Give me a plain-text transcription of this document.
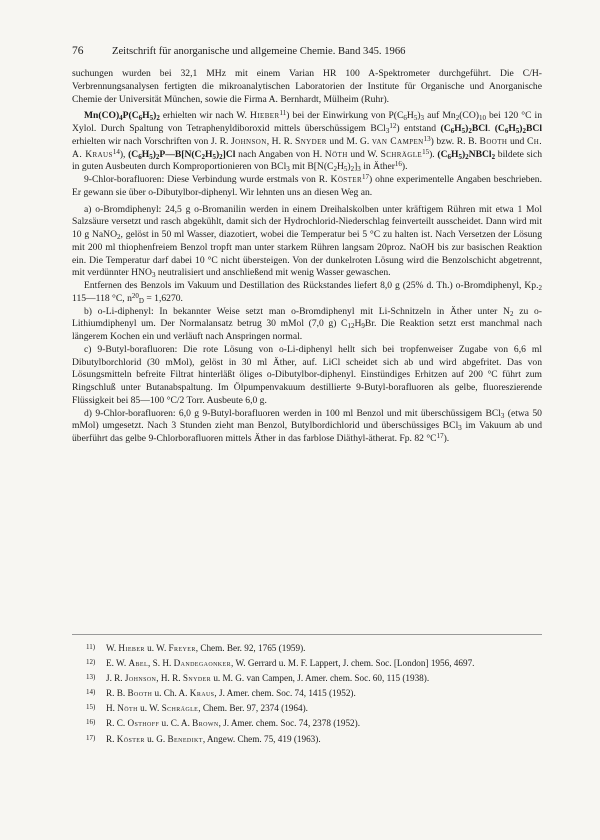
76	Zeitschrift für anorganische und allgemeine Chemie. Band 345. 1966

suchungen wurden bei 32,1 MHz mit einem Varian HR 100 A-Spektrometer durchgeführt. Die C/H-Verbrennungsanalysen fertigten die mikroanalytischen Laboratorien der Institute für Organische und Anorganische Chemie der Universität München, sowie die Firma A. Bernhardt, Mülheim (Ruhr).

$Mn(CO)_4P(C_6H_5)_2$ erhielten wir nach W. Hieber$^{11}$) bei der Einwirkung von $P(C_6H_5)_3$ auf $Mn_2(CO)_{10}$ bei 120 °C in Xylol. Durch Spaltung von Tetraphenyldiboroxid mittels überschüssigem BCl$_3^{12}$) entstand $(C_6H_5)_2BCl$. $(C_6H_5)_2BCl$ erhielten wir nach Vorschriften von J. R. Johnson, H. R. Snyder und M. G. van Campen$^{13}$) bzw. R. B. Booth und Ch. A. Kraus$^{14}$), $(C_6H_5)_2P—B[N(C_2H_5)_2]Cl$ nach Angaben von H. Nöth und W. Schrägle$^{15}$). $(C_6H_5)_2NBCl_2$ bildete sich in guten Ausbeuten durch Komproportionieren von BCl$_3$ mit $B[N(C_2H_5)_2]_3$ in Äther$^{16}$).

9-Chlor-borafluoren: Diese Verbindung wurde erstmals von R. Köster$^{17}$) ohne experimentelle Angaben beschrieben. Er gewann sie über o-Dibutylbor-diphenyl. Wir lehnten uns an diesen Weg an.

a) o-Bromdiphenyl: 24,5 g o-Bromanilin werden in einem Dreihalskolben unter kräftigem Rühren mit etwa 1 Mol Salzsäure versetzt und rasch abgekühlt, damit sich der Hydrochlorid-Niederschlag feinverteilt ausscheidet. Dann wird mit 10 g NaNO$_2$, gelöst in 50 ml Wasser, diazotiert, wobei die Temperatur bei 5 °C zu halten ist. Nach Versetzen der Lösung mit 200 ml thiophenfreiem Benzol tropft man unter starkem Rühren langsam 20proz. NaOH bis zur basischen Reaktion ein. Die Temperatur darf dabei 10 °C nicht übersteigen. Von der dunkelroten Lösung wird die Benzolschicht abgetrennt, mit verdünnter $HNO_3$ neutralisiert und anschließend mit wenig Wasser gewaschen.

Entfernen des Benzols im Vakuum und Destillation des Rückstandes liefert 8,0 g (25% d. Th.) o-Bromdiphenyl, $Kp._2$ 115—118 °C, $n^{20}_D = 1,6270$.

b) o-Li-diphenyl: In bekannter Weise setzt man o-Bromdiphenyl mit Li-Schnitzeln in Äther unter $N_2$ zu o-Lithiumdiphenyl um. Der Normalansatz betrug 30 mMol (7,0 g) $C_{12}H_9Br$. Die Reaktion setzt erst manchmal nach längerem Kochen ein und verläuft nach Anspringen normal.

c) 9-Butyl-borafluoren: Die rote Lösung von o-Li-diphenyl hellt sich bei tropfenweiser Zugabe von 6,6 ml Dibutylborchlorid (30 mMol), gelöst in 30 ml Äther, auf. LiCl scheidet sich ab und wird abgefritet. Das von Lösungsmitteln befreite Filtrat hinterläßt öliges o-Dibutylbor-diphenyl. Einstündiges Erhitzen auf 200 °C führt zum Ringschluß unter Butanabspaltung. Im Ölpumpenvakuum destillierte 9-Butyl-borafluoren als gelbe, fluoreszierende Flüssigkeit bei 85—100 °C/2 Torr. Ausbeute 6,0 g.

d) 9-Chlor-borafluoren: 6,0 g 9-Butyl-borafluoren werden in 100 ml Benzol und mit überschüssigem BCl$_3$ (etwa 50 mMol) umgesetzt. Nach 3 Stunden zieht man Benzol, Butylbordichlorid und überschüssiges BCl$_3$ im Vakuum ab und überführt das gelbe 9-Chlorborafluoren mittels Äther in das farblose Diäthyl-ätherat. Fp. 82 $^\circ C^{17}$).

11) W. Hieber u. W. Freyer, Chem. Ber. 92, 1765 (1959).
12) E. W. Abel, S. H. Dandegaonker, W. Gerrard u. M. F. Lappert, J. chem. Soc. [London] 1956, 4697.
13) J. R. Johnson, H. R. Snyder u. M. G. van Campen, J. Amer. chem. Soc. 60, 115 (1938).
14) R. B. Booth u. Ch. A. Kraus, J. Amer. chem. Soc. 74, 1415 (1952).
15) H. Nöth u. W. Schrägle, Chem. Ber. 97, 2374 (1964).
16) R. C. Osthoff u. C. A. Brown, J. Amer. chem. Soc. 74, 2378 (1952).
17) R. Köster u. G. Benedikt, Angew. Chem. 75, 419 (1963).
